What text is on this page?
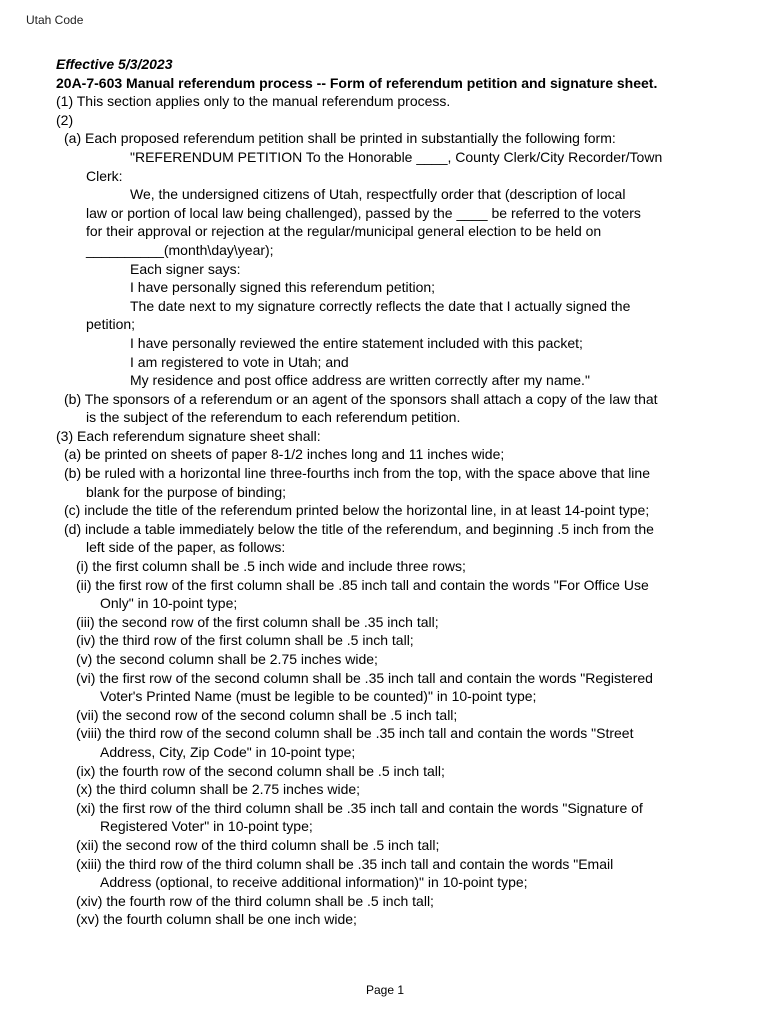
Utah Code
Effective 5/3/2023
20A-7-603 Manual referendum process -- Form of referendum petition and signature sheet.
(1) This section applies only to the manual referendum process.
(2)
(a) Each proposed referendum petition shall be printed in substantially the following form:
"REFERENDUM PETITION To the Honorable ____, County Clerk/City Recorder/Town
Clerk:
We, the undersigned citizens of Utah, respectfully order that (description of local
law or portion of local law being challenged), passed by the ____ be referred to the voters
for their approval or rejection at the regular/municipal general election to be held on
__________(month\day\year);
Each signer says:
I have personally signed this referendum petition;
The date next to my signature correctly reflects the date that I actually signed the
petition;
I have personally reviewed the entire statement included with this packet;
I am registered to vote in Utah; and
My residence and post office address are written correctly after my name."
(b) The sponsors of a referendum or an agent of the sponsors shall attach a copy of the law that
is the subject of the referendum to each referendum petition.
(3) Each referendum signature sheet shall:
(a) be printed on sheets of paper 8-1/2 inches long and 11 inches wide;
(b) be ruled with a horizontal line three-fourths inch from the top, with the space above that line
blank for the purpose of binding;
(c) include the title of the referendum printed below the horizontal line, in at least 14-point type;
(d) include a table immediately below the title of the referendum, and beginning .5 inch from the
left side of the paper, as follows:
(i) the first column shall be .5 inch wide and include three rows;
(ii) the first row of the first column shall be .85 inch tall and contain the words "For Office Use
Only" in 10-point type;
(iii) the second row of the first column shall be .35 inch tall;
(iv) the third row of the first column shall be .5 inch tall;
(v) the second column shall be 2.75 inches wide;
(vi) the first row of the second column shall be .35 inch tall and contain the words "Registered
Voter's Printed Name (must be legible to be counted)" in 10-point type;
(vii) the second row of the second column shall be .5 inch tall;
(viii) the third row of the second column shall be .35 inch tall and contain the words "Street
Address, City, Zip Code" in 10-point type;
(ix) the fourth row of the second column shall be .5 inch tall;
(x) the third column shall be 2.75 inches wide;
(xi) the first row of the third column shall be .35 inch tall and contain the words "Signature of
Registered Voter" in 10-point type;
(xii) the second row of the third column shall be .5 inch tall;
(xiii) the third row of the third column shall be .35 inch tall and contain the words "Email
Address (optional, to receive additional information)" in 10-point type;
(xiv) the fourth row of the third column shall be .5 inch tall;
(xv) the fourth column shall be one inch wide;
Page 1
